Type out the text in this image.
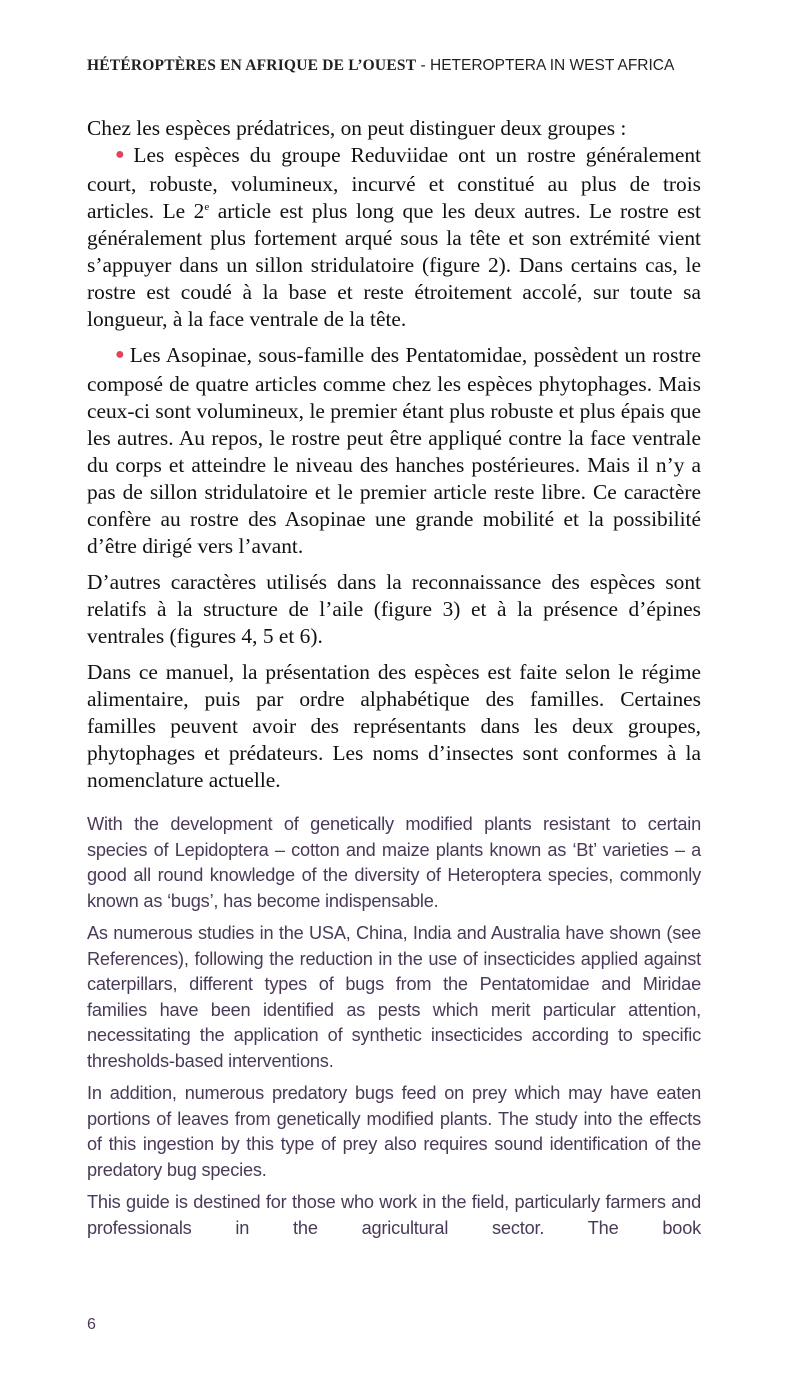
HÉTÉROPTÈRES EN AFRIQUE DE L’OUEST - HETEROPTERA IN WEST AFRICA

Chez les espèces prédatrices, on peut distinguer deux groupes :

● Les espèces du groupe Reduviidae ont un rostre généralement court, robuste, volumineux, incurvé et constitué au plus de trois articles. Le 2e article est plus long que les deux autres. Le rostre est généralement plus fortement arqué sous la tête et son extrémité vient s’appuyer dans un sillon stridulatoire (figure 2). Dans certains cas, le rostre est coudé à la base et reste étroitement accolé, sur toute sa longueur, à la face ventrale de la tête.

● Les Asopinae, sous-famille des Pentatomidae, possèdent un rostre composé de quatre articles comme chez les espèces phytophages. Mais ceux-ci sont volumineux, le premier étant plus robuste et plus épais que les autres. Au repos, le rostre peut être appliqué contre la face ventrale du corps et atteindre le niveau des hanches postérieures. Mais il n’y a pas de sillon stridulatoire et le premier article reste libre. Ce caractère confère au rostre des Asopinae une grande mobilité et la possibilité d’être dirigé vers l’avant.

D’autres caractères utilisés dans la reconnaissance des espèces sont relatifs à la structure de l’aile (figure 3) et à la présence d’épines ventrales (figures 4, 5 et 6).

Dans ce manuel, la présentation des espèces est faite selon le régime alimentaire, puis par ordre alphabétique des familles. Certaines familles peuvent avoir des représentants dans les deux groupes, phytophages et prédateurs. Les noms d’insectes sont conformes à la nomenclature actuelle.

With the development of genetically modified plants resistant to certain species of Lepidoptera – cotton and maize plants known as ‘Bt’ varieties – a good all round knowledge of the diversity of Heteroptera species, commonly known as ‘bugs’, has become indispensable.

As numerous studies in the USA, China, India and Australia have shown (see References), following the reduction in the use of insecticides applied against caterpillars, different types of bugs from the Pentatomidae and Miridae families have been identified as pests which merit particular attention, necessitating the application of synthetic insecticides according to specific thresholds-based interventions.

In addition, numerous predatory bugs feed on prey which may have eaten portions of leaves from genetically modified plants. The study into the effects of this ingestion by this type of prey also requires sound identification of the predatory bug species.

This guide is destined for those who work in the field, particularly farmers and professionals in the agricultural sector. The book

6
